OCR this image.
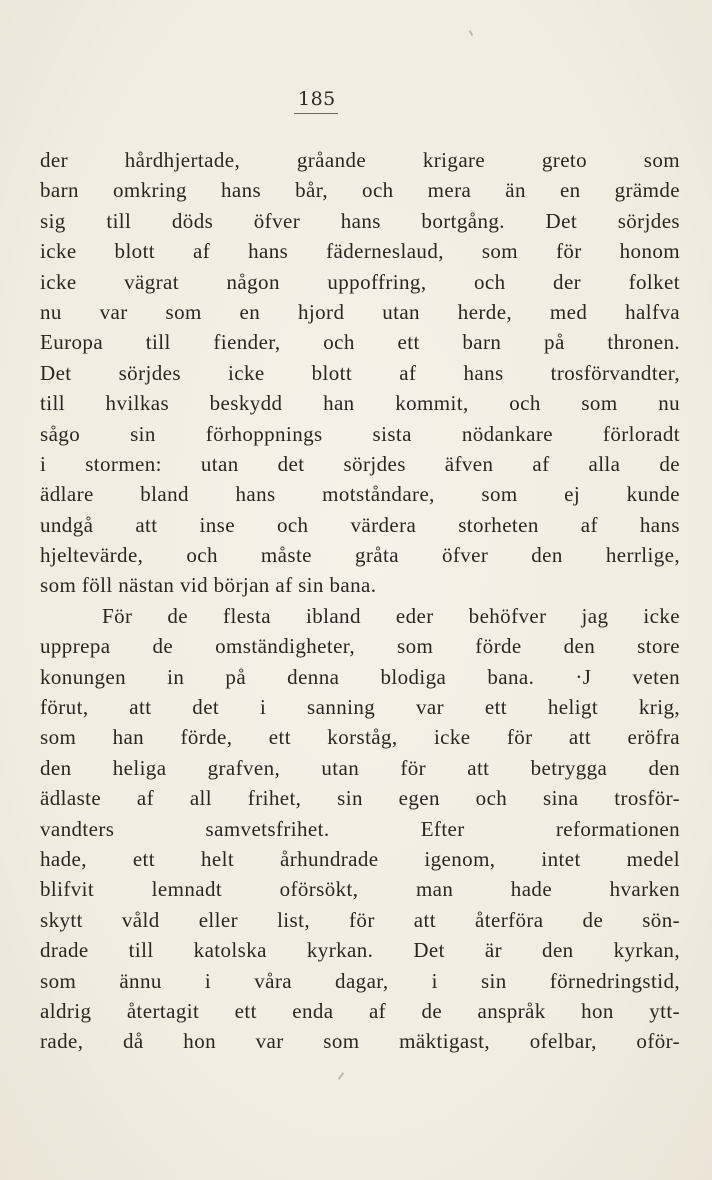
185
der hårdhjertade, gråande krigare greto som
barn omkring hans bår, och mera än en grämde
sig till döds öfver hans bortgång. Det sörjdes
icke blott af hans fäderneslaud, som för honom
icke vägrat någon uppoffring, och der folket
nu var som en hjord utan herde, med halfva
Europa till fiender, och ett barn på thronen.
Det sörjdes icke blott af hans trosförvandter,
till hvilkas beskydd han kommit, och som nu
sågo sin förhoppnings sista nödankare förloradt
i stormen: utan det sörjdes äfven af alla de
ädlare bland hans motståndare, som ej kunde
undgå att inse och värdera storheten af hans
hjeltevärde, och måste gråta öfver den herrlige,
som föll nästan vid början af sin bana.
För de flesta ibland eder behöfver jag icke
upprepa de omständigheter, som förde den store
konungen in på denna blodiga bana. ·J veten
förut, att det i sanning var ett heligt krig,
som han förde, ett korståg, icke för att eröfra
den heliga grafven, utan för att betrygga den
ädlaste af all frihet, sin egen och sina trosför-
vandters samvetsfrihet. Efter reformationen
hade, ett helt århundrade igenom, intet medel
blifvit lemnadt oförsökt, man hade hvarken
skytt våld eller list, för att återföra de sön-
drade till katolska kyrkan. Det är den kyrkan,
som ännu i våra dagar, i sin förnedringstid,
aldrig återtagit ett enda af de anspråk hon ytt-
rade, då hon var som mäktigast, ofelbar, oför-
